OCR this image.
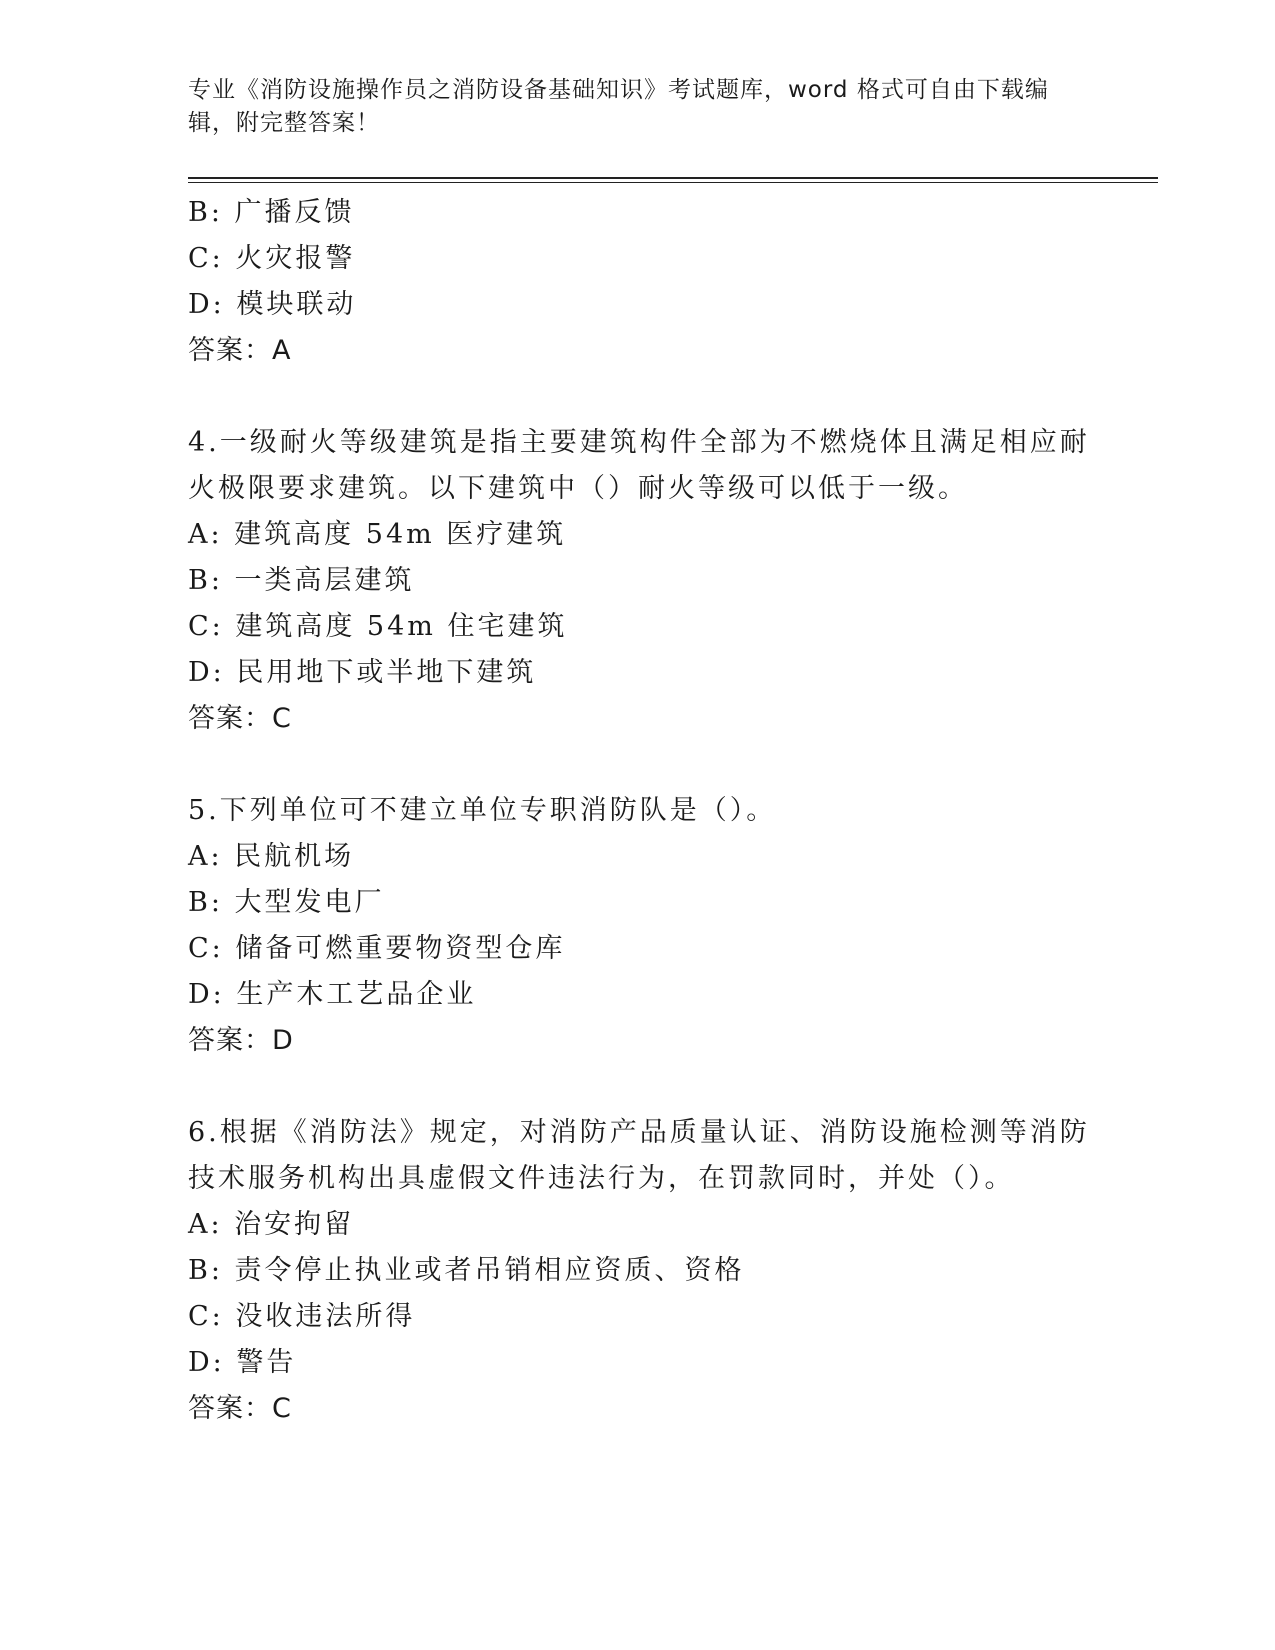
专业《消防设施操作员之消防设备基础知识》考试题库，word 格式可自由下载编
辑，附完整答案！
B: 广播反馈
C: 火灾报警
D: 模块联动
答案：A
4.一级耐火等级建筑是指主要建筑构件全部为不燃烧体且满足相应耐
火极限要求建筑。以下建筑中（）耐火等级可以低于一级。
A: 建筑高度 54m 医疗建筑
B: 一类高层建筑
C: 建筑高度 54m 住宅建筑
D: 民用地下或半地下建筑
答案：C
5.下列单位可不建立单位专职消防队是（）。
A: 民航机场
B: 大型发电厂
C: 储备可燃重要物资型仓库
D: 生产木工艺品企业
答案：D
6.根据《消防法》规定，对消防产品质量认证、消防设施检测等消防
技术服务机构出具虚假文件违法行为，在罚款同时，并处（）。
A: 治安拘留
B: 责令停止执业或者吊销相应资质、资格
C: 没收违法所得
D: 警告
答案：C
